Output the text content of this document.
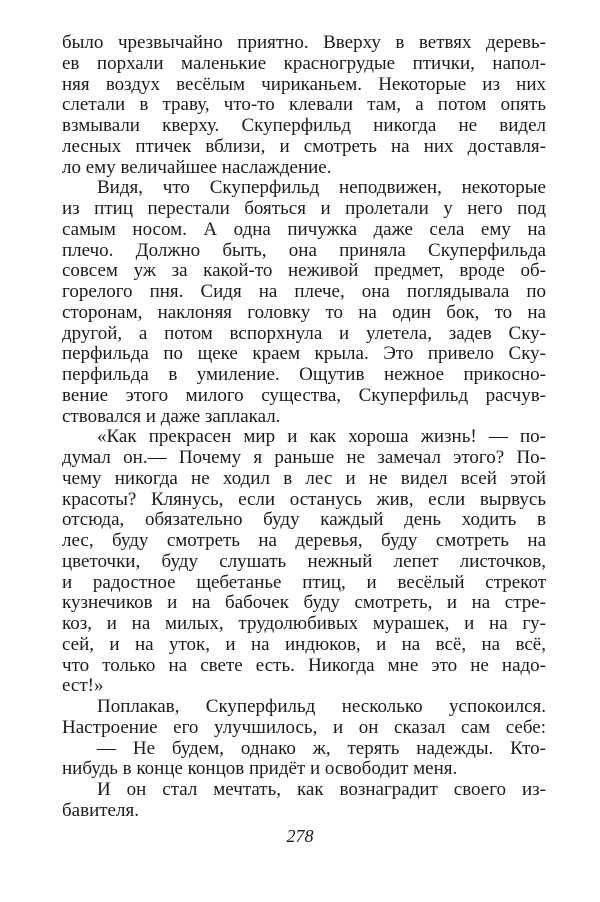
было чрезвычайно приятно. Вверху в ветвях деревь-
ев порхали маленькие красногрудые птички, напол-
няя воздух весёлым чириканьем. Некоторые из них
слетали в траву, что-то клевали там, а потом опять
взмывали кверху. Скуперфильд никогда не видел
лесных птичек вблизи, и смотреть на них доставля-
ло ему величайшее наслаждение.
Видя, что Скуперфильд неподвижен, некоторые
из птиц перестали бояться и пролетали у него под
самым носом. А одна пичужка даже села ему на
плечо. Должно быть, она приняла Скуперфильда
совсем уж за какой-то неживой предмет, вроде об-
горелого пня. Сидя на плече, она поглядывала по
сторонам, наклоняя головку то на один бок, то на
другой, а потом вспорхнула и улетела, задев Ску-
перфильда по щеке краем крыла. Это привело Ску-
перфильда в умиление. Ощутив нежное прикосно-
вение этого милого существа, Скуперфильд расчув-
ствовался и даже заплакал.
«Как прекрасен мир и как хороша жизнь! — по-
думал он.— Почему я раньше не замечал этого? По-
чему никогда не ходил в лес и не видел всей этой
красоты? Клянусь, если останусь жив, если вырвусь
отсюда, обязательно буду каждый день ходить в
лес, буду смотреть на деревья, буду смотреть на
цветочки, буду слушать нежный лепет листочков,
и радостное щебетанье птиц, и весёлый стрекот
кузнечиков и на бабочек буду смотреть, и на стре-
коз, и на милых, трудолюбивых мурашек, и на гу-
сей, и на уток, и на индюков, и на всё, на всё,
что только на свете есть. Никогда мне это не надо-
ест!»
Поплакав, Скуперфильд несколько успокоился.
Настроение его улучшилось, и он сказал сам себе:
— Не будем, однако ж, терять надежды. Кто-
нибудь в конце концов придёт и освободит меня.
И он стал мечтать, как вознаградит своего из-
бавителя.
278
